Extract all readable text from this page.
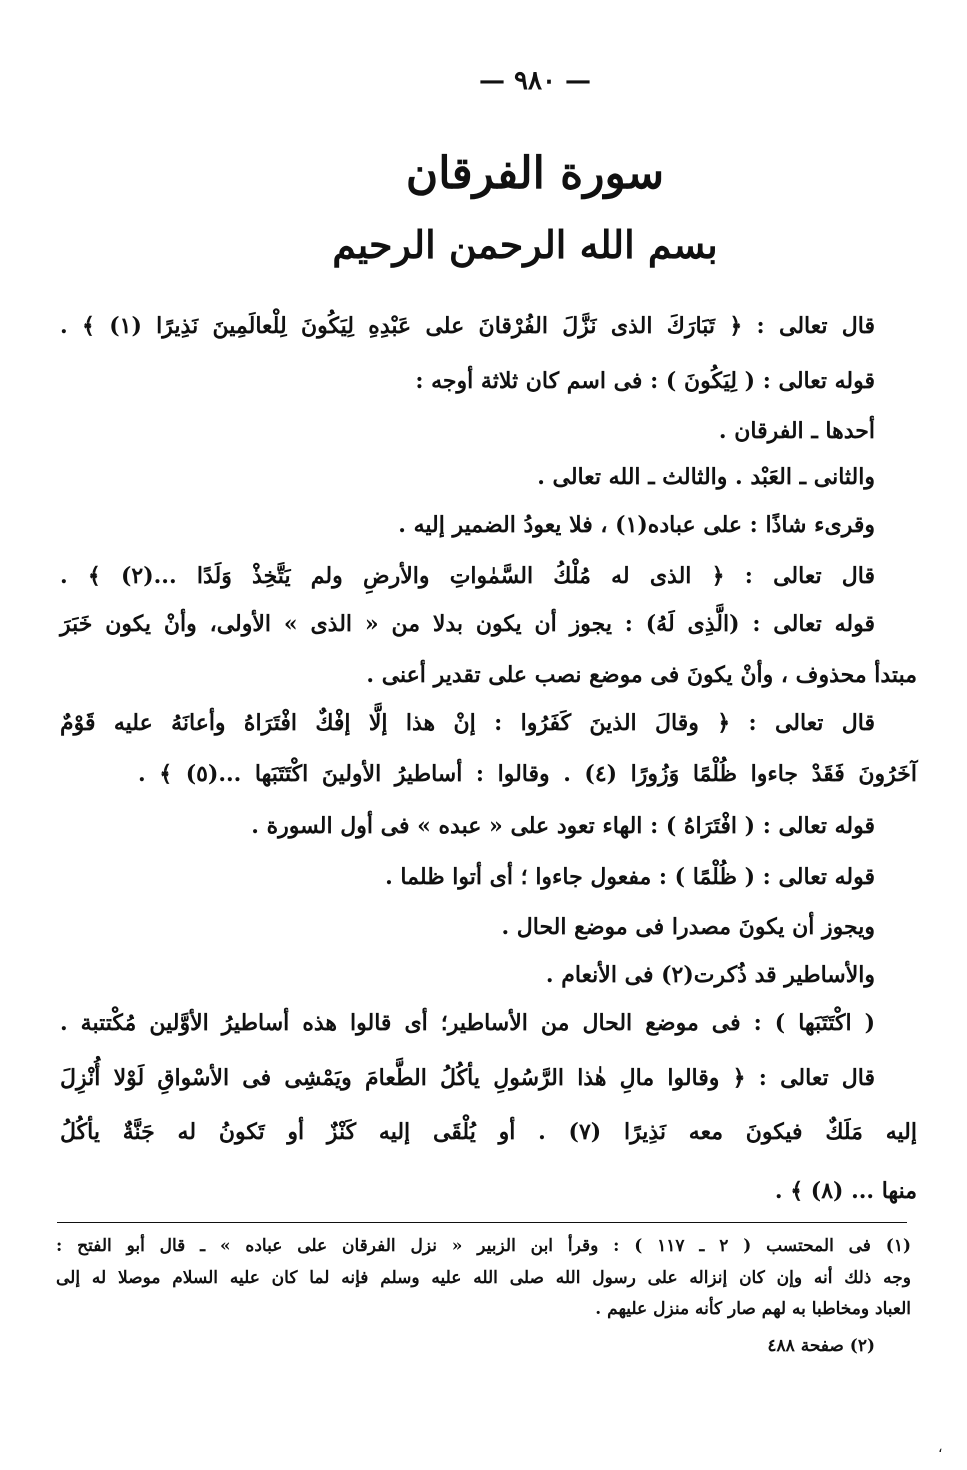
— ٩٨٠ —
سورة الفرقان
بسم الله الرحمن الرحيم
قال تعالى : ﴿ تَبَارَكَ الذى نَزَّلَ الفُرْقانَ على عَبْدِهِ لِيَكُونَ لِلْعالَمِينَ نَذِيرًا (١) ﴾ .
قوله تعالى : ( لِيَكُونَ ) : فى اسم كان ثلاثة أوجه :
أحدها ـ الفرقان .
والثانى ـ العَبْد . والثالث ـ الله تعالى .
وقرىء شاذًا : على عباده(١) ، فلا يعودُ الضمير إليه .
قال تعالى : ﴿ الذى له مُلْكُ السَّمٰواتِ والأرضِ ولم يَتَّخِذْ وَلَدًا ...(٢) ﴾ .
قوله تعالى : (الَّذِى لَهُ) : يجوز أن يكون بدلا من « الذى » الأولى، وأنْ يكون خَبَرَ
مبتدأ محذوف ، وأنْ يكونَ فى موضع نصب على تقدير أعنى .
قال تعالى : ﴿ وقالَ الذينَ كَفَرُوا : إنْ هذا إلَّا إفْكٌ افْتَرَاهُ وأعانَهُ عليه قَوْمٌ
آخَرُونَ فَقَدْ جاءوا ظُلْمًا وَزُورًا (٤) . وقالوا : أساطيرُ الأولينَ اكْتَتَبَها ...(٥) ﴾ .
قوله تعالى : ( افْتَرَاهُ ) : الهاء تعود على « عبده » فى أول السورة .
قوله تعالى : ( ظُلْمًا ) : مفعول جاءوا ؛ أى أتوا ظلما .
ويجوز أن يكونَ مصدرا فى موضع الحال .
والأساطير قد ذُكرت(٢) فى الأنعام .
( اكْتَتَبَها ) : فى موضع الحال من الأساطير؛ أى قالوا هذه أساطيرُ الأوَّلين مُكْتتبة .
قال تعالى : ﴿ وقالوا مالِ هٰذا الرَّسُولِ يأكُلُ الطَّعامَ ويَمْشِى فى الأسْواقِ لَوْلا أُنْزِلَ
إليه مَلَكٌ فيكونَ معه نَذِيرًا (٧) . أو يُلْقَى إليه كَنْزٌ أو تَكونُ له جَنَّةٌ يأكُلُ
منها ... (٨) ﴾ .
(١) فى المحتسب ( ٢ ـ ١١٧ ) : وقرأ ابن الزبير « نزل الفرقان على عباده » ـ قال أبو الفتح :
وجه ذلك أنه وإن كان إنزاله على رسول الله صلى الله عليه وسلم فإنه لما كان عليه السلام موصلا له إلى
العباد ومخاطبا به لهم صار كأنه منزل عليهم .
(٢) صفحة ٤٨٨
،
